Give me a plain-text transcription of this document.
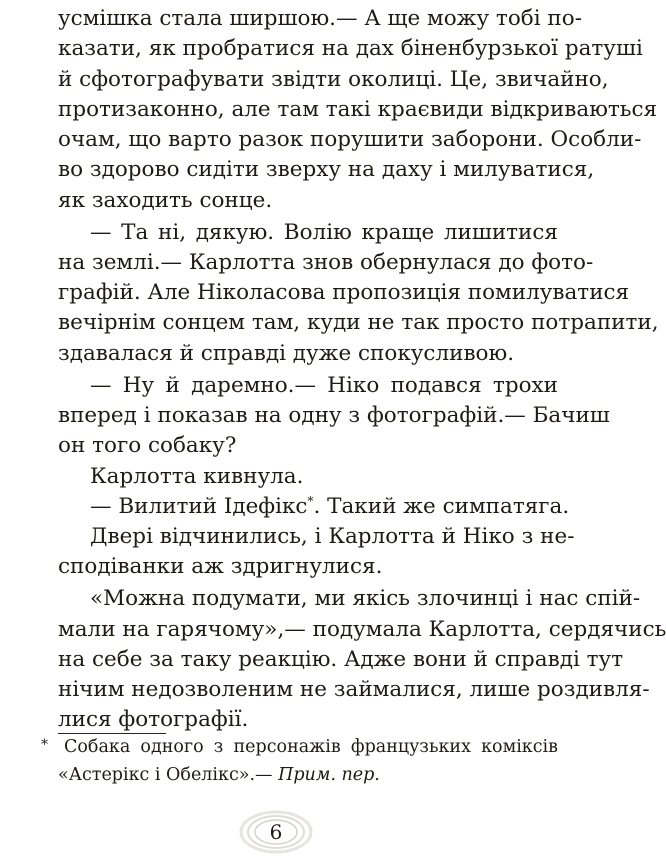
усмішка стала ширшою.— А ще можу тобі по-
казати, як пробратися на дах біненбурзької ратуші
й сфотографувати звідти околиці. Це, звичайно,
протизаконно, але там такі краєвиди відкриваються
очам, що варто разок порушити заборони. Особли-
во здорово сидіти зверху на даху і милуватися,
як заходить сонце.
— Та ні, дякую. Волію краще лишитися
на землі.— Карлотта знов обернулася до фото-
графій. Але Ніколасова пропозиція помилуватися
вечірнім сонцем там, куди не так просто потрапити,
здавалася й справді дуже спокусливою.
— Ну й даремно.— Ніко подався трохи
вперед і показав на одну з фотографій.— Бачиш
он того собаку?
Карлотта кивнула.
— Вилитий Ідефікс*. Такий же симпатяга.
Двері відчинились, і Карлотта й Ніко з не-
сподіванки аж здригнулися.
«Можна подумати, ми якісь злочинці і нас спій-
мали на гарячому»,— подумала Карлотта, сердячись
на себе за таку реакцію. Адже вони й справді тут
нічим недозволеним не займалися, лише роздивля-
лися фотографії.
* Собака одного з персонажів французьких коміксів
«Астерікс і Обелікс».— Прим. пер.
6
